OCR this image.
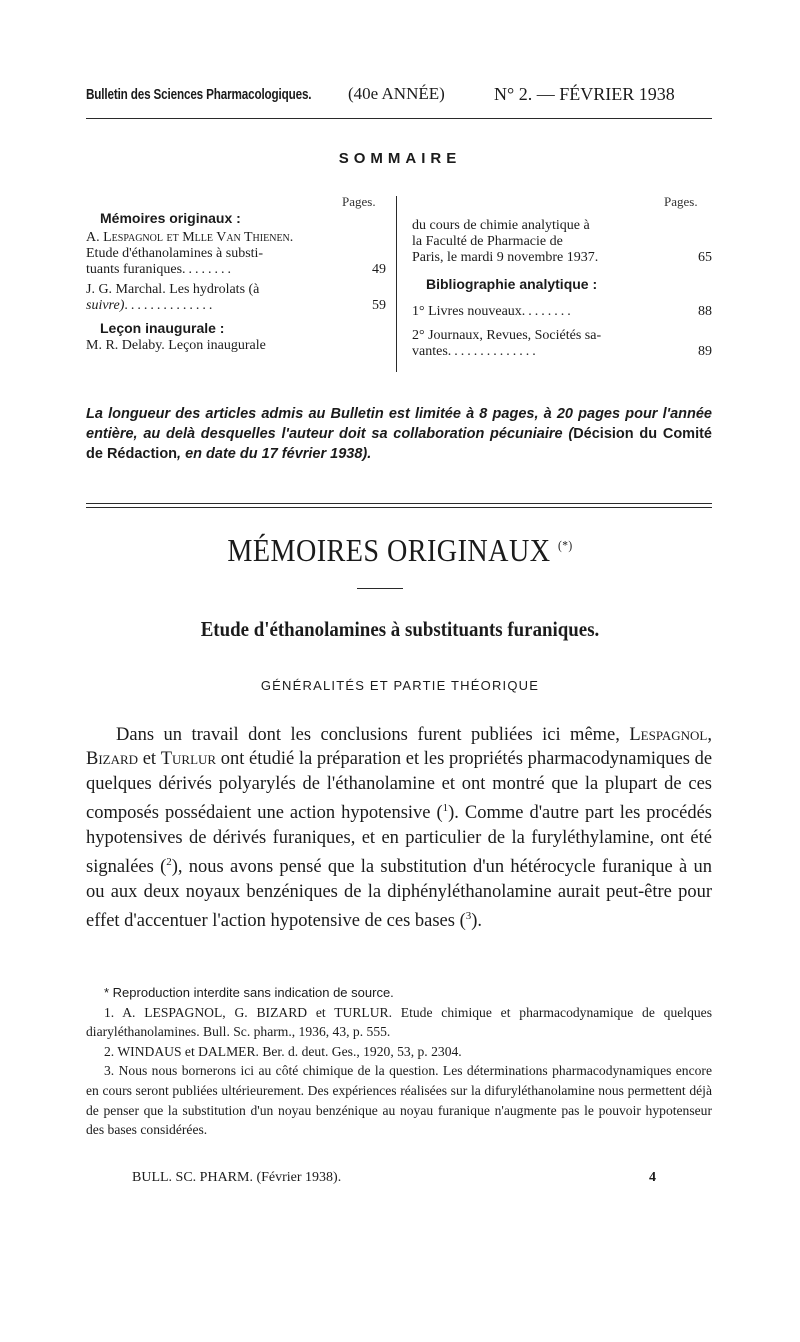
Bulletin des Sciences Pharmacologiques. (40e ANNÉE)	N° 2. — FÉVRIER 1938
SOMMAIRE
Pages.	Pages.
Mémoires originaux :
A. Lespagnol et Mlle Van Thienen.
Etude d'éthanolamines à substi-
tuants furaniques........	49
J. G. Marchal. Les hydrolats (à
suivre)..............	59
Leçon inaugurale :
M. R. Delaby. Leçon inaugurale
du cours de chimie analytique à
la Faculté de Pharmacie de
Paris, le mardi 9 novembre 1937.	65
Bibliographie analytique :
1° Livres nouveaux........	88
2° Journaux, Revues, Sociétés sa-
vantes..............	89
La longueur des articles admis au Bulletin est limitée à 8 pages, à 20 pages pour l'année entière, au delà desquelles l'auteur doit sa collaboration pécuniaire (Décision du Comité de Rédaction, en date du 17 février 1938).
MÉMOIRES ORIGINAUX (*)
Etude d'éthanolamines à substituants furaniques.
GÉNÉRALITÉS ET PARTIE THÉORIQUE
Dans un travail dont les conclusions furent publiées ici même, Lespagnol, Bizard et Turlur ont étudié la préparation et les propriétés pharmacodynamiques de quelques dérivés polyarylés de l'éthanolamine et ont montré que la plupart de ces composés possédaient une action hypotensive ($^1$). Comme d'autre part les procédés hypotensives de dérivés furaniques, et en particulier de la furyléthylamine, ont été signalées ($^2$), nous avons pensé que la substitution d'un hétérocycle furanique à un ou aux deux noyaux benzéniques de la diphényléthanolamine aurait peut-être pour effet d'accentuer l'action hypotensive de ces bases ($^3$).

* Reproduction interdite sans indication de source.

1. A. LESPAGNOL, G. BIZARD et TURLUR. Etude chimique et pharmacodynamique de quelques diaryléthanolamines. Bull. Sc. pharm., 1936, 43, p. 555.

2. WINDAUS et DALMER. Ber. d. deut. Ges., 1920, 53, p. 2304.

3. Nous nous bornerons ici au côté chimique de la question. Les déterminations pharmacodynamiques encore en cours seront publiées ultérieurement. Des expériences réalisées sur la difuryléthanolamine nous permettent déjà de penser que la substitution d'un noyau benzénique au noyau furanique n'augmente pas le pouvoir hypotenseur des bases considérées.

BULL. SC. PHARM. (Février 1938).	4
